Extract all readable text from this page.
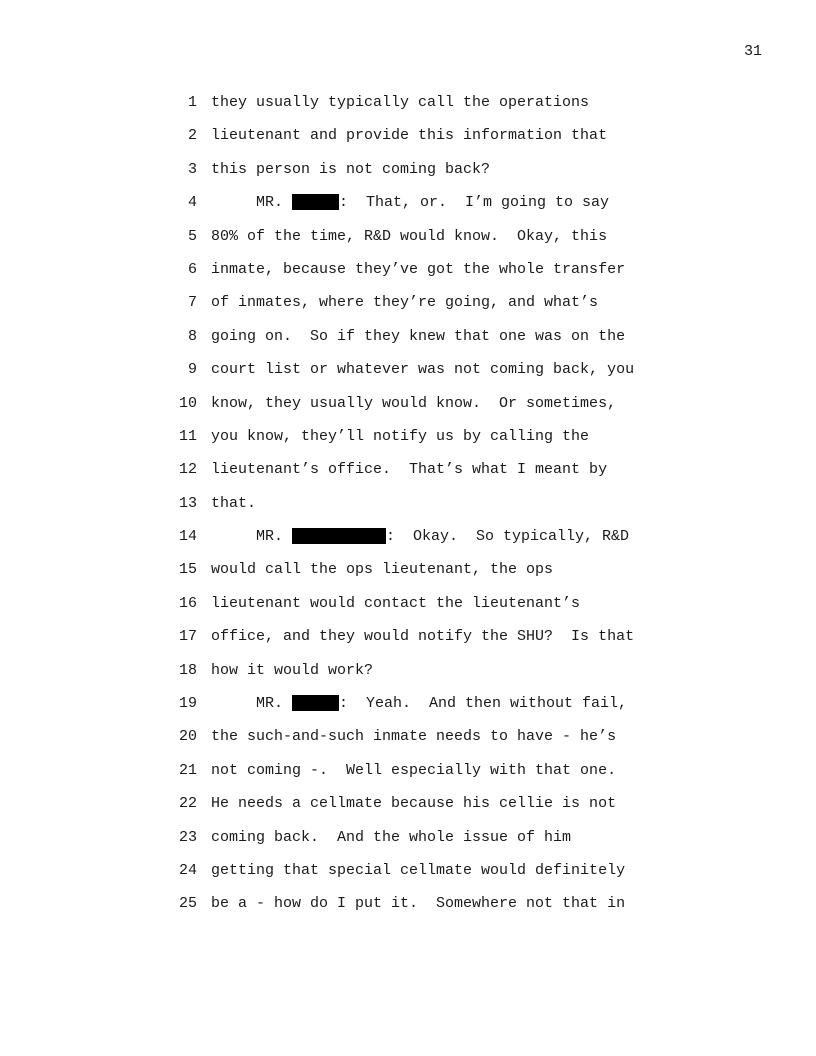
31
1 they usually typically call the operations
2 lieutenant and provide this information that
3 this person is not coming back?
4 MR.	:  That, or.  I’m going to say
5 80% of the time, R&D would know.  Okay, this
6 inmate, because they’ve got the whole transfer
7 of inmates, where they’re going, and what’s
8 going on.  So if they knew that one was on the
9 court list or whatever was not coming back, you
10 know, they usually would know.  Or sometimes,
11 you know, they’ll notify us by calling the
12 lieutenant’s office.  That’s what I meant by
13 that.
14 MR.	:  Okay.  So typically, R&D
15 would call the ops lieutenant, the ops
16 lieutenant would contact the lieutenant’s
17 office, and they would notify the SHU?  Is that
18 how it would work?
19 MR.	:  Yeah.  And then without fail,
20 the such-and-such inmate needs to have - he’s
21 not coming -.  Well especially with that one.
22 He needs a cellmate because his cellie is not
23 coming back.  And the whole issue of him
24 getting that special cellmate would definitely
25 be a - how do I put it.  Somewhere not that in
